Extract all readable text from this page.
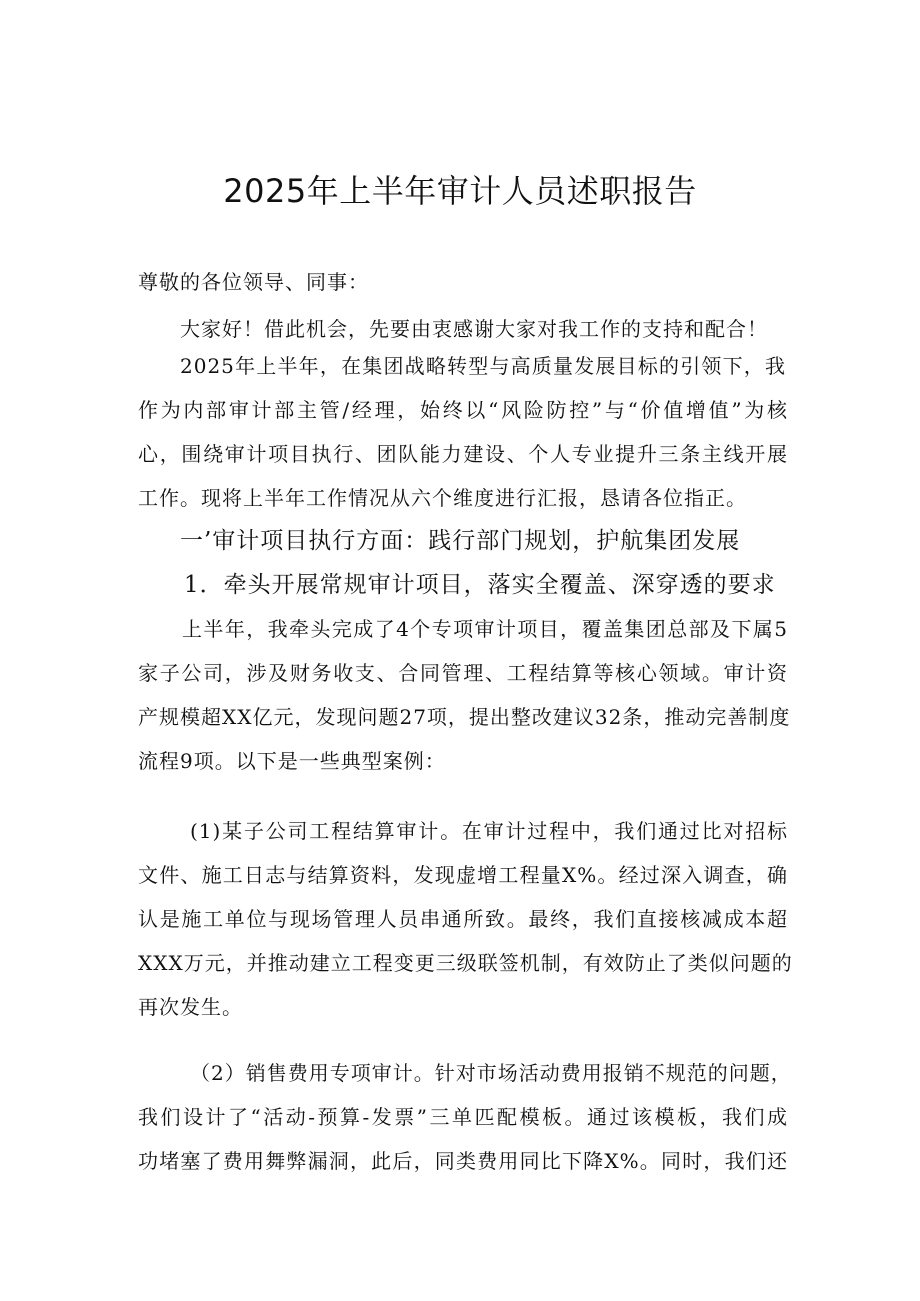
2025年上半年审计人员述职报告
尊敬的各位领导、同事：
大家好！借此机会，先要由衷感谢大家对我工作的支持和配合！
2025年上半年，在集团战略转型与高质量发展目标的引领下，我
作为内部审计部主管/经理，始终以“风险防控”与“价值增值”为核
心，围绕审计项目执行、团队能力建设、个人专业提升三条主线开展
工作。现将上半年工作情况从六个维度进行汇报，恳请各位指正。
一’审计项目执行方面：践行部门规划，护航集团发展
1．牵头开展常规审计项目，落实全覆盖、深穿透的要求
上半年，我牵头完成了4个专项审计项目，覆盖集团总部及下属5
家子公司，涉及财务收支、合同管理、工程结算等核心领域。审计资
产规模超XX亿元，发现问题27项，提出整改建议32条，推动完善制度
流程9项。以下是一些典型案例：
(1)某子公司工程结算审计。在审计过程中，我们通过比对招标
文件、施工日志与结算资料，发现虚增工程量X%。经过深入调查，确
认是施工单位与现场管理人员串通所致。最终，我们直接核减成本超
XXX万元，并推动建立工程变更三级联签机制，有效防止了类似问题的
再次发生。
（2）销售费用专项审计。针对市场活动费用报销不规范的问题，
我们设计了“活动-预算-发票”三单匹配模板。通过该模板，我们成
功堵塞了费用舞弊漏洞，此后，同类费用同比下降X%。同时，我们还
